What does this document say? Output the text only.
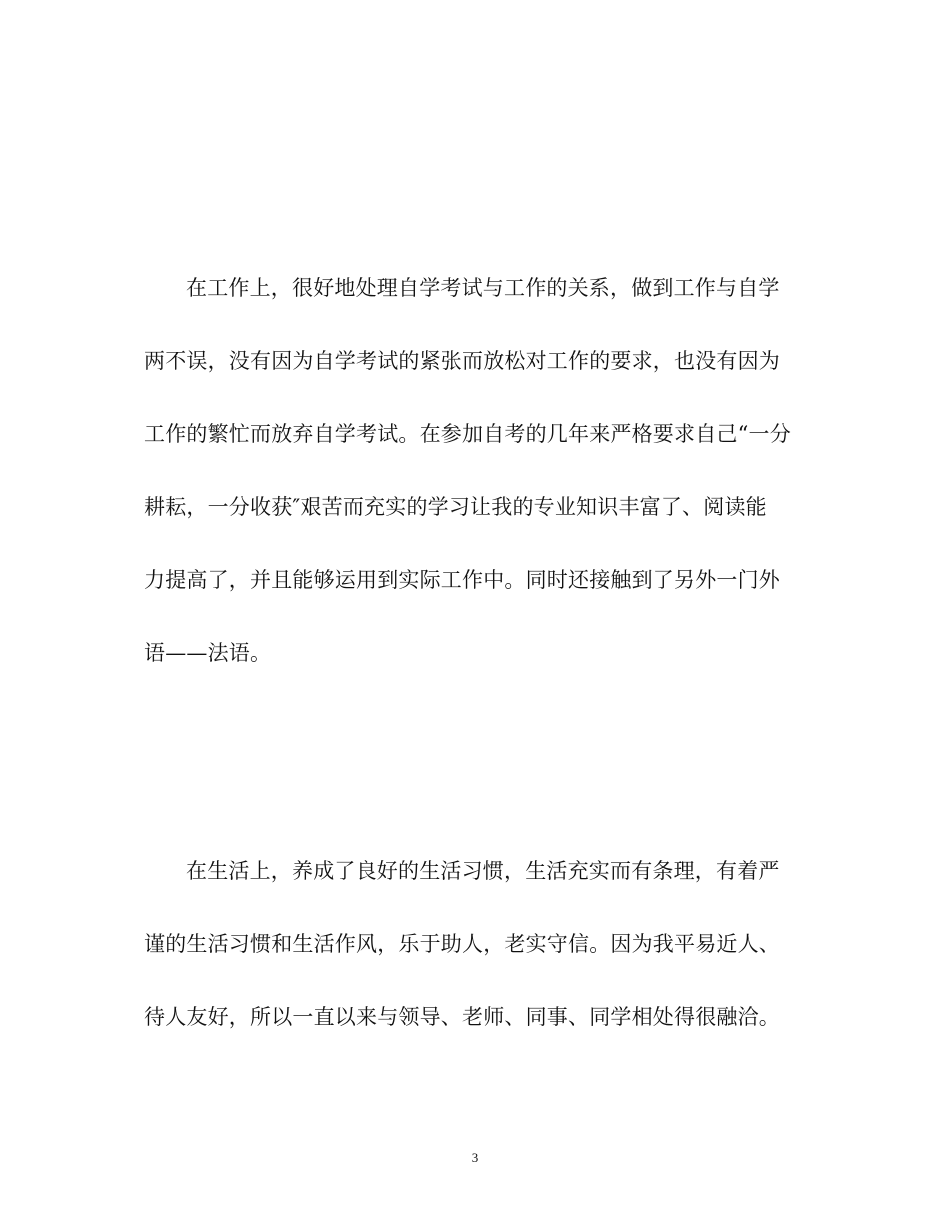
在工作上，很好地处理自学考试与工作的关系，做到工作与自学
两不误，没有因为自学考试的紧张而放松对工作的要求，也没有因为
工作的繁忙而放弃自学考试。在参加自考的几年来严格要求自己“一分
耕耘，一分收获″艰苦而充实的学习让我的专业知识丰富了、阅读能
力提高了，并且能够运用到实际工作中。同时还接触到了另外一门外
语——法语。
在生活上，养成了良好的生活习惯，生活充实而有条理，有着严
谨的生活习惯和生活作风，乐于助人，老实守信。因为我平易近人、
待人友好，所以一直以来与领导、老师、同事、同学相处得很融洽。
3
